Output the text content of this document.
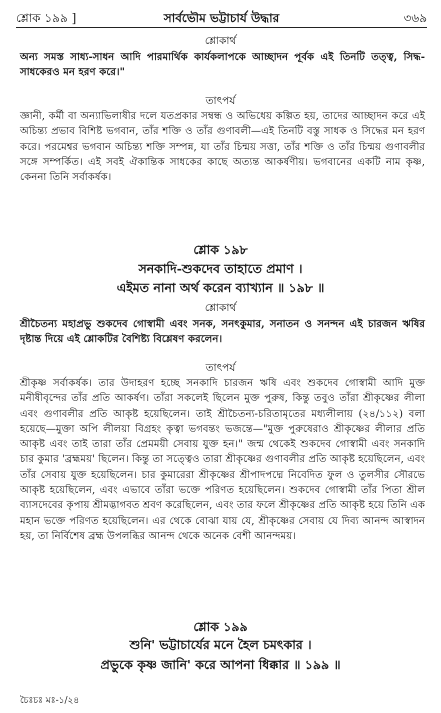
শ্লোক ১৯৯ ]	সার্বভৌম ভট্টাচার্য উদ্ধার	৩৬৯
শ্লোকার্থ
অন্য সমস্ত সাধ্য-সাধন আদি পারমার্থিক কার্যকলাপকে আচ্ছাদন পূর্বক এই তিনটি তত্ত্ব, সিদ্ধ-সাধকেরও মন হরণ করে।"
তাৎপর্য
জ্ঞানী, কর্মী বা অন্যাভিলাষীর দলে যতপ্রকার সম্বন্ধ ও অভিধেয় কল্পিত হয়, তাদের আচ্ছাদন করে এই অচিন্ত্য প্রভাব বিশিষ্ট ভগবান, তাঁর শক্তি ও তাঁর গুণাবলী—এই তিনটি বস্তু সাধক ও সিদ্ধের মন হরণ করে। পরমেশ্বর ভগবান অচিন্ত্য শক্তি সম্পন্ন, যা তাঁর চিন্ময় সত্তা, তাঁর শক্তি ও তাঁর চিন্ময় গুণাবলীর সঙ্গে সম্পর্কিত। এই সবই ঐকান্তিক সাধকের কাছে অত্যন্ত আকর্ষণীয়। ভগবানের একটি নাম কৃষ্ণ, কেননা তিনি সর্বাকর্ষক।
শ্লোক ১৯৮
সনকাদি-শুকদেব তাহাতে প্রমাণ ।
এইমত নানা অর্থ করেন ব্যাখ্যান ॥ ১৯৮ ॥
শ্লোকার্থ
শ্রীচৈতন্য মহাপ্রভু শুকদেব গোস্বামী এবং সনক, সনৎকুমার, সনাতন ও সনন্দন এই চারজন ঋষির দৃষ্টান্ত দিয়ে এই শ্লোকটির বৈশিষ্ট্য বিশ্লেষণ করলেন।
তাৎপর্য
শ্রীকৃষ্ণ সর্বাকর্ষক। তার উদাহরণ হচ্ছে সনকাদি চারজন ঋষি এবং শুকদেব গোস্বামী আদি মুক্ত মনীষীবৃন্দের তাঁর প্রতি আকর্ষণ। তাঁরা সকলেই ছিলেন মুক্ত পুরুষ, কিন্তু তবুও তাঁরা শ্রীকৃষ্ণের লীলা এবং গুণাবলীর প্রতি আকৃষ্ট হয়েছিলেন। তাই শ্রীচৈতন্য-চরিতামৃতের মধ্যলীলায় (২৪/১১২) বলা হয়েছে—মুক্তা অপি লীলয়া বিগ্রহং কৃত্বা ভগবন্তং ভজন্তে—"মুক্ত পুরুষেরাও শ্রীকৃষ্ণের লীলার প্রতি আকৃষ্ট এবং তাই তারা তাঁর প্রেমময়ী সেবায় যুক্ত হন।" জন্ম থেকেই শুকদেব গোস্বামী এবং সনকাদি চার কুমার 'ব্রহ্মময়' ছিলেন। কিন্তু তা সত্ত্বেও তারা শ্রীকৃষ্ণের গুণাবলীর প্রতি আকৃষ্ট হয়েছিলেন, এবং তাঁর সেবায় যুক্ত হয়েছিলেন। চার কুমারেরা শ্রীকৃষ্ণের শ্রীপাদপদ্মে নিবেদিত ফুল ও তুলসীর সৌরভে আকৃষ্ট হয়েছিলেন, এবং এভাবে তাঁরা ভক্তে পরিণত হয়েছিলেন। শুকদেব গোস্বামী তাঁর পিতা শ্রীল ব্যাসদেবের কৃপায় শ্রীমদ্ভাগবত শ্রবণ করেছিলেন, এবং তার ফলে শ্রীকৃষ্ণের প্রতি আকৃষ্ট হয়ে তিনি এক মহান ভক্তে পরিণত হয়েছিলেন। এর থেকে বোঝা যায় যে, শ্রীকৃষ্ণের সেবায় যে দিব্য আনন্দ আস্বাদন হয়, তা নির্বিশেষ ব্রহ্ম উপলব্ধির আনন্দ থেকে অনেক বেশী আনন্দময়।
শ্লোক ১৯৯
শুনি' ভট্টাচার্যের মনে হৈল চমৎকার ।
প্রভুকে কৃষ্ণ জানি' করে আপনা ধিক্কার ॥ ১৯৯ ॥
চৈঃচঃ মঃ-১/২৪
